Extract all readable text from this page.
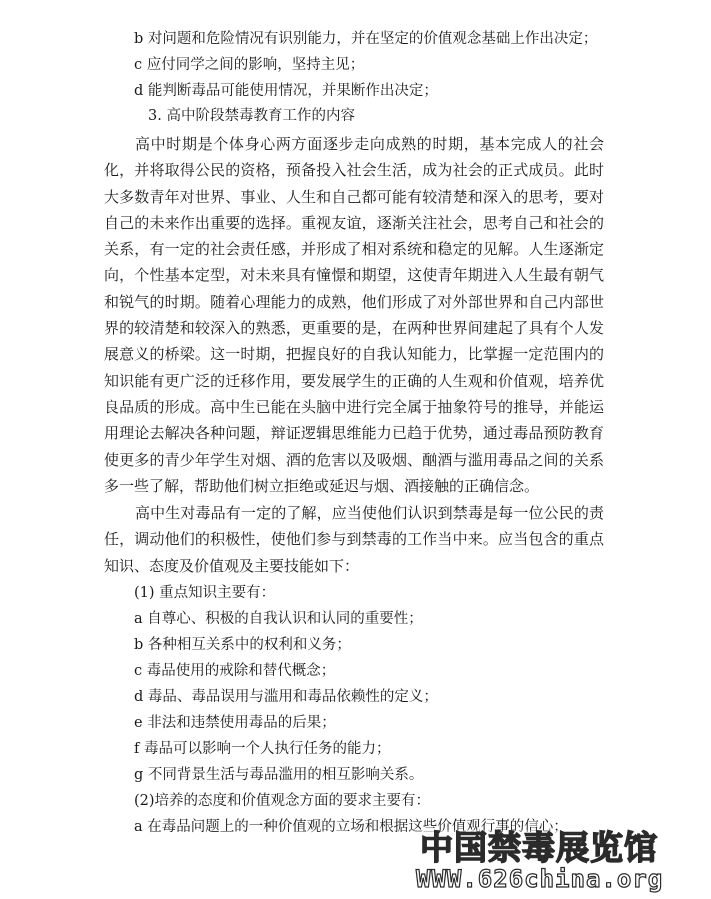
b 对问题和危险情况有识别能力，并在坚定的价值观念基础上作出决定；
c 应付同学之间的影响，坚持主见；
d 能判断毒品可能使用情况，并果断作出决定；
3. 高中阶段禁毒教育工作的内容
高中时期是个体身心两方面逐步走向成熟的时期，基本完成人的社会化，并将取得公民的资格，预备投入社会生活，成为社会的正式成员。此时大多数青年对世界、事业、人生和自己都可能有较清楚和深入的思考，要对自己的未来作出重要的选择。重视友谊，逐渐关注社会，思考自己和社会的关系，有一定的社会责任感，并形成了相对系统和稳定的见解。人生逐渐定向，个性基本定型，对未来具有憧憬和期望，这使青年期进入人生最有朝气和锐气的时期。随着心理能力的成熟，他们形成了对外部世界和自己内部世界的较清楚和较深入的熟悉，更重要的是，在两种世界间建起了具有个人发展意义的桥梁。这一时期，把握良好的自我认知能力，比掌握一定范围内的知识能有更广泛的迁移作用，要发展学生的正确的人生观和价值观，培养优良品质的形成。高中生已能在头脑中进行完全属于抽象符号的推导，并能运用理论去解决各种问题，辩证逻辑思维能力已趋于优势，通过毒品预防教育使更多的青少年学生对烟、酒的危害以及吸烟、酗酒与滥用毒品之间的关系多一些了解，帮助他们树立拒绝或延迟与烟、酒接触的正确信念。
高中生对毒品有一定的了解，应当使他们认识到禁毒是每一位公民的责任，调动他们的积极性，使他们参与到禁毒的工作当中来。应当包含的重点知识、态度及价值观及主要技能如下：
(1) 重点知识主要有：
a 自尊心、积极的自我认识和认同的重要性；
b 各种相互关系中的权利和义务；
c 毒品使用的戒除和替代概念；
d 毒品、毒品误用与滥用和毒品依赖性的定义；
e 非法和违禁使用毒品的后果；
f 毒品可以影响一个人执行任务的能力；
g 不同背景生活与毒品滥用的相互影响关系。
(2)培养的态度和价值观念方面的要求主要有：
a 在毒品问题上的一种价值观的立场和根据这些价值观行事的信心；
中国禁毒展览馆
WWW.626china.org
